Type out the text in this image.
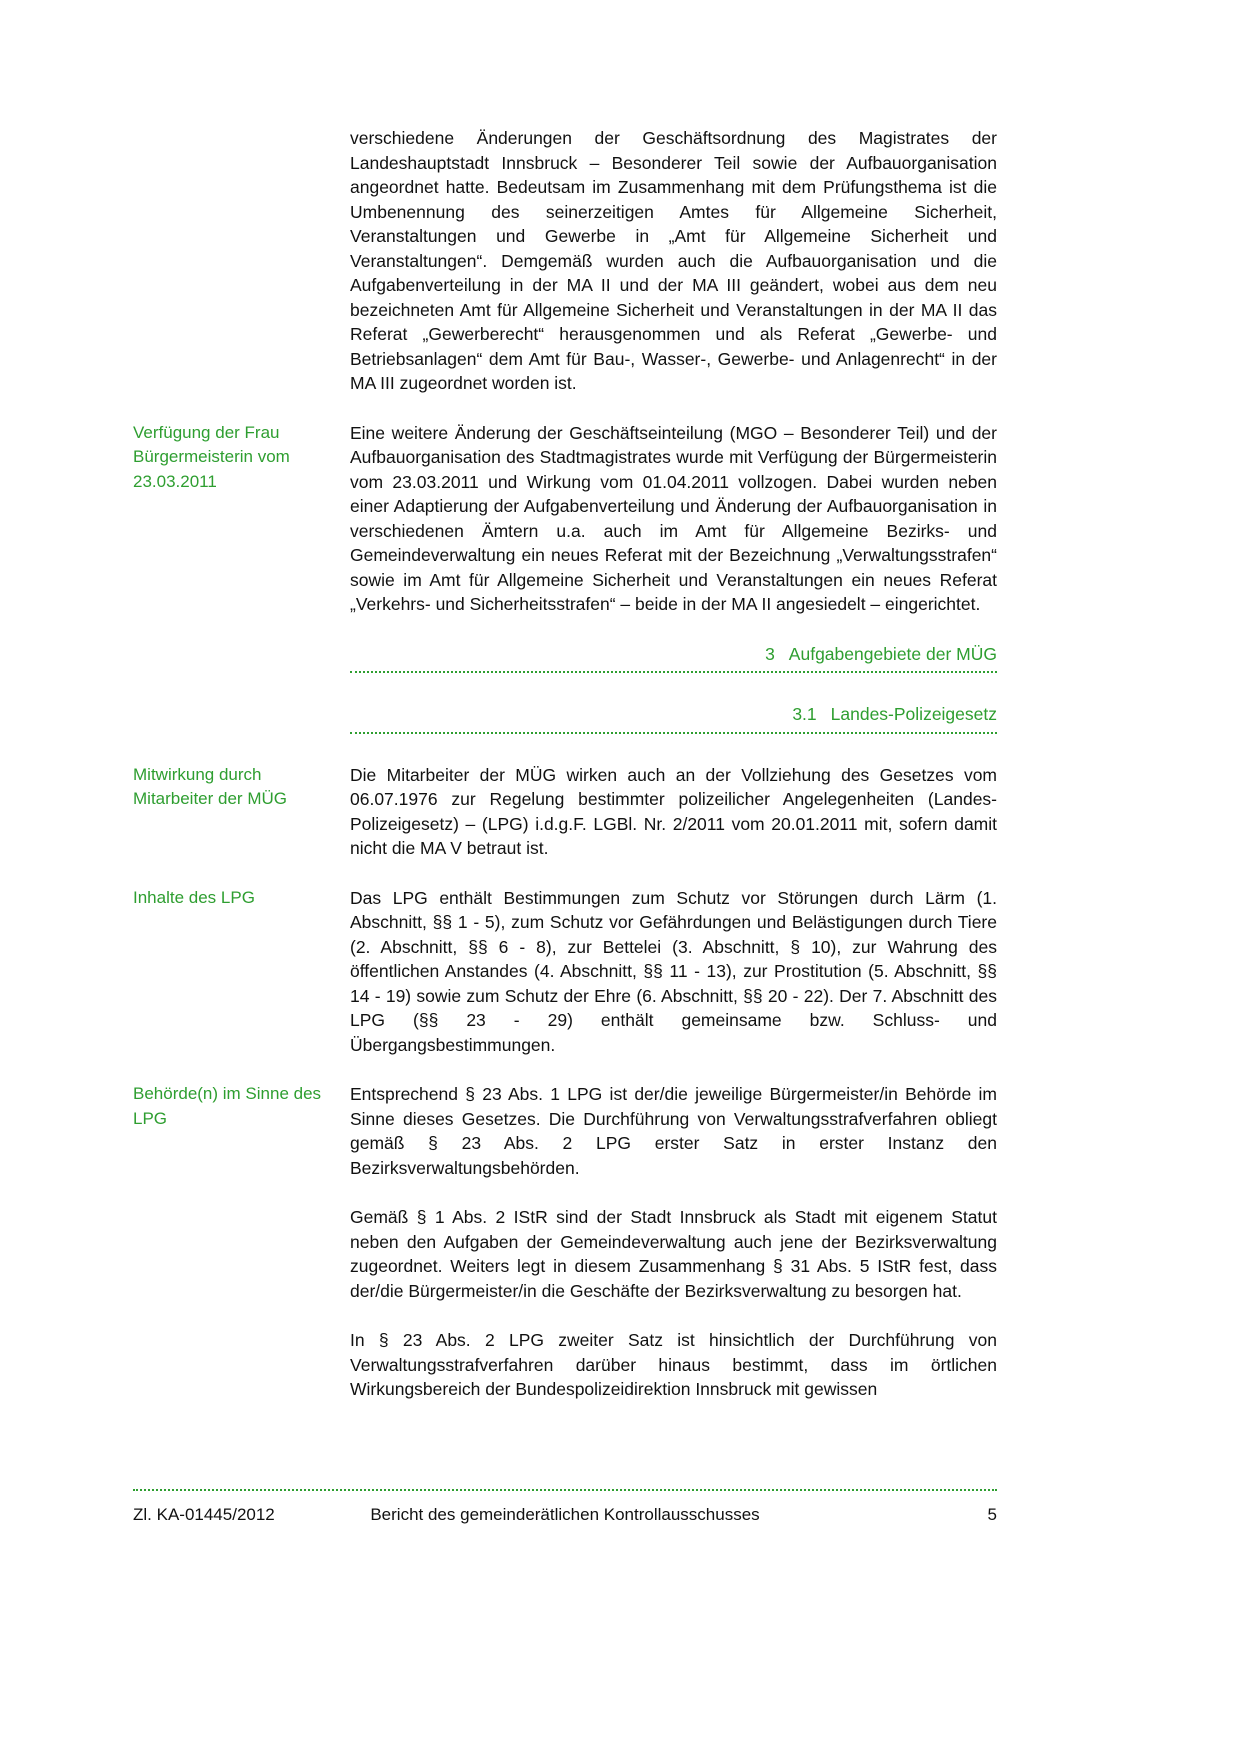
verschiedene Änderungen der Geschäftsordnung des Magistrates der Landeshauptstadt Innsbruck – Besonderer Teil sowie der Aufbauorganisation angeordnet hatte. Bedeutsam im Zusammenhang mit dem Prüfungsthema ist die Umbenennung des seinerzeitigen Amtes für Allgemeine Sicherheit, Veranstaltungen und Gewerbe in „Amt für Allgemeine Sicherheit und Veranstaltungen“. Demgemäß wurden auch die Aufbauorganisation und die Aufgabenverteilung in der MA II und der MA III geändert, wobei aus dem neu bezeichneten Amt für Allgemeine Sicherheit und Veranstaltungen in der MA II das Referat „Gewerberecht“ herausgenommen und als Referat „Gewerbe- und Betriebsanlagen“ dem Amt für Bau-, Wasser-, Gewerbe- und Anlagenrecht“ in der MA III zugeordnet worden ist.
Verfügung der Frau Bürgermeisterin vom 23.03.2011
Eine weitere Änderung der Geschäftseinteilung (MGO – Besonderer Teil) und der Aufbauorganisation des Stadtmagistrates wurde mit Verfügung der Bürgermeisterin vom 23.03.2011 und Wirkung vom 01.04.2011 vollzogen. Dabei wurden neben einer Adaptierung der Aufgabenverteilung und Änderung der Aufbauorganisation in verschiedenen Ämtern u.a. auch im Amt für Allgemeine Bezirks- und Gemeindeverwaltung ein neues Referat mit der Bezeichnung „Verwaltungsstrafen“ sowie im Amt für Allgemeine Sicherheit und Veranstaltungen ein neues Referat „Verkehrs- und Sicherheitsstrafen“ – beide in der MA II angesiedelt – eingerichtet.
3 Aufgabengebiete der MÜG
3.1 Landes-Polizeigesetz
Mitwirkung durch Mitarbeiter der MÜG
Die Mitarbeiter der MÜG wirken auch an der Vollziehung des Gesetzes vom 06.07.1976 zur Regelung bestimmter polizeilicher Angelegenheiten (Landes-Polizeigesetz) – (LPG) i.d.g.F. LGBl. Nr. 2/2011 vom 20.01.2011 mit, sofern damit nicht die MA V betraut ist.
Inhalte des LPG	Das LPG enthält Bestimmungen zum Schutz vor Störungen durch Lärm (1. Abschnitt, §§ 1 - 5), zum Schutz vor Gefährdungen und Belästigungen durch Tiere (2. Abschnitt, §§ 6 - 8), zur Bettelei (3. Abschnitt, § 10), zur Wahrung des öffentlichen Anstandes (4. Abschnitt, §§ 11 - 13), zur Prostitution (5. Abschnitt, §§ 14 - 19) sowie zum Schutz der Ehre (6. Abschnitt, §§ 20 - 22). Der 7. Abschnitt des LPG (§§ 23 - 29) enthält gemeinsame bzw. Schluss- und Übergangsbestimmungen.
Behörde(n) im Sinne des LPG
Entsprechend § 23 Abs. 1 LPG ist der/die jeweilige Bürgermeister/in Behörde im Sinne dieses Gesetzes. Die Durchführung von Verwaltungsstrafverfahren obliegt gemäß § 23 Abs. 2 LPG erster Satz in erster Instanz den Bezirksverwaltungsbehörden.
Gemäß § 1 Abs. 2 IStR sind der Stadt Innsbruck als Stadt mit eigenem Statut neben den Aufgaben der Gemeindeverwaltung auch jene der Bezirksverwaltung zugeordnet. Weiters legt in diesem Zusammenhang § 31 Abs. 5 IStR fest, dass der/die Bürgermeister/in die Geschäfte der Bezirksverwaltung zu besorgen hat.
In § 23 Abs. 2 LPG zweiter Satz ist hinsichtlich der Durchführung von Verwaltungsstrafverfahren darüber hinaus bestimmt, dass im örtlichen Wirkungsbereich der Bundespolizeidirektion Innsbruck mit gewissen
Zl. KA-01445/2012	Bericht des gemeinderätlichen Kontrollausschusses	5
